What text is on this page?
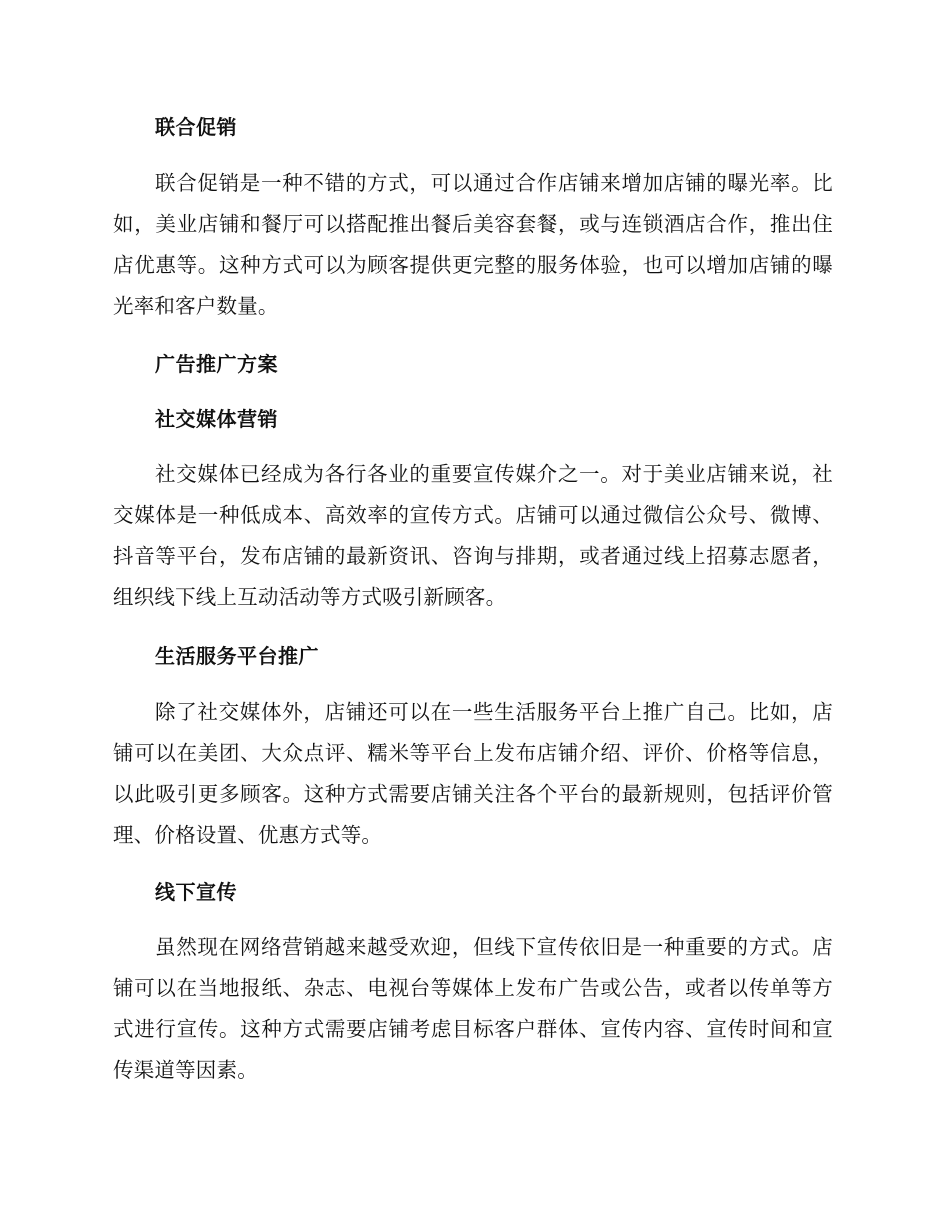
联合促销
联合促销是一种不错的方式，可以通过合作店铺来增加店铺的曝光率。比如，美业店铺和餐厅可以搭配推出餐后美容套餐，或与连锁酒店合作，推出住店优惠等。这种方式可以为顾客提供更完整的服务体验，也可以增加店铺的曝光率和客户数量。
广告推广方案
社交媒体营销
社交媒体已经成为各行各业的重要宣传媒介之一。对于美业店铺来说，社交媒体是一种低成本、高效率的宣传方式。店铺可以通过微信公众号、微博、抖音等平台，发布店铺的最新资讯、咨询与排期，或者通过线上招募志愿者，组织线下线上互动活动等方式吸引新顾客。
生活服务平台推广
除了社交媒体外，店铺还可以在一些生活服务平台上推广自己。比如，店铺可以在美团、大众点评、糯米等平台上发布店铺介绍、评价、价格等信息，以此吸引更多顾客。这种方式需要店铺关注各个平台的最新规则，包括评价管理、价格设置、优惠方式等。
线下宣传
虽然现在网络营销越来越受欢迎，但线下宣传依旧是一种重要的方式。店铺可以在当地报纸、杂志、电视台等媒体上发布广告或公告，或者以传单等方式进行宣传。这种方式需要店铺考虑目标客户群体、宣传内容、宣传时间和宣传渠道等因素。
